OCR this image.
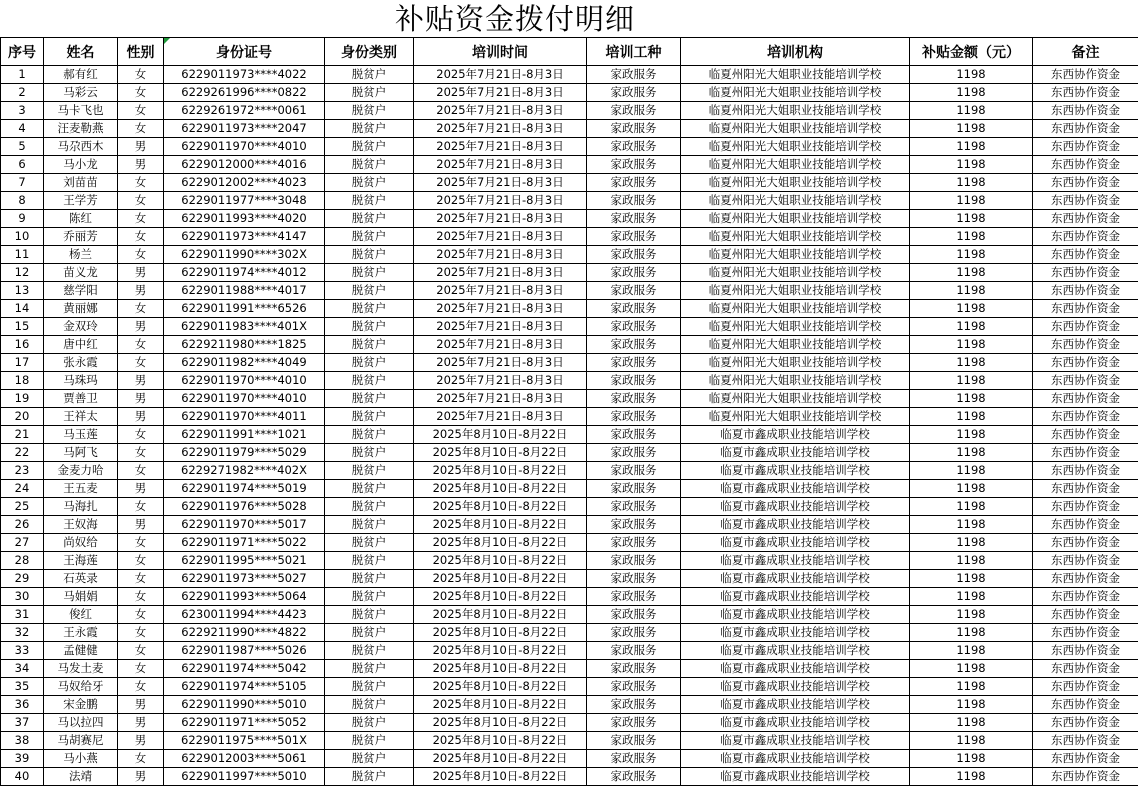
补贴资金拨付明细
序号	姓名	性别	身份证号	身份类别	培训时间	培训工种	培训机构	补贴金额（元）	备注
1	郝有红	女	6229011973****4022	脱贫户	2025年7月21日-8月3日	家政服务	临夏州阳光大姐职业技能培训学校	1198	东西协作资金
2	马彩云	女	6229261996****0822	脱贫户	2025年7月21日-8月3日	家政服务	临夏州阳光大姐职业技能培训学校	1198	东西协作资金
3	马卡飞也	女	6229261972****0061	脱贫户	2025年7月21日-8月3日	家政服务	临夏州阳光大姐职业技能培训学校	1198	东西协作资金
4	汪麦勒燕	女	6229011973****2047	脱贫户	2025年7月21日-8月3日	家政服务	临夏州阳光大姐职业技能培训学校	1198	东西协作资金
5	马尕西木	男	6229011970****4010	脱贫户	2025年7月21日-8月3日	家政服务	临夏州阳光大姐职业技能培训学校	1198	东西协作资金
6	马小龙	男	6229012000****4016	脱贫户	2025年7月21日-8月3日	家政服务	临夏州阳光大姐职业技能培训学校	1198	东西协作资金
7	刘苗苗	女	6229012002****4023	脱贫户	2025年7月21日-8月3日	家政服务	临夏州阳光大姐职业技能培训学校	1198	东西协作资金
8	王学芳	女	6229011977****3048	脱贫户	2025年7月21日-8月3日	家政服务	临夏州阳光大姐职业技能培训学校	1198	东西协作资金
9	陈红	女	6229011993****4020	脱贫户	2025年7月21日-8月3日	家政服务	临夏州阳光大姐职业技能培训学校	1198	东西协作资金
10	乔丽芳	女	6229011973****4147	脱贫户	2025年7月21日-8月3日	家政服务	临夏州阳光大姐职业技能培训学校	1198	东西协作资金
11	杨兰	女	6229011990****302X	脱贫户	2025年7月21日-8月3日	家政服务	临夏州阳光大姐职业技能培训学校	1198	东西协作资金
12	苗义龙	男	6229011974****4012	脱贫户	2025年7月21日-8月3日	家政服务	临夏州阳光大姐职业技能培训学校	1198	东西协作资金
13	慈学阳	男	6229011988****4017	脱贫户	2025年7月21日-8月3日	家政服务	临夏州阳光大姐职业技能培训学校	1198	东西协作资金
14	黄丽娜	女	6229011991****6526	脱贫户	2025年7月21日-8月3日	家政服务	临夏州阳光大姐职业技能培训学校	1198	东西协作资金
15	金双玲	男	6229011983****401X	脱贫户	2025年7月21日-8月3日	家政服务	临夏州阳光大姐职业技能培训学校	1198	东西协作资金
16	唐中红	女	6229211980****1825	脱贫户	2025年7月21日-8月3日	家政服务	临夏州阳光大姐职业技能培训学校	1198	东西协作资金
17	张永霞	女	6229011982****4049	脱贫户	2025年7月21日-8月3日	家政服务	临夏州阳光大姐职业技能培训学校	1198	东西协作资金
18	马珠玛	男	6229011970****4010	脱贫户	2025年7月21日-8月3日	家政服务	临夏州阳光大姐职业技能培训学校	1198	东西协作资金
19	贾善卫	男	6229011970****4010	脱贫户	2025年7月21日-8月3日	家政服务	临夏州阳光大姐职业技能培训学校	1198	东西协作资金
20	王祥太	男	6229011970****4011	脱贫户	2025年7月21日-8月3日	家政服务	临夏州阳光大姐职业技能培训学校	1198	东西协作资金
21	马玉莲	女	6229011991****1021	脱贫户	2025年8月10日-8月22日	家政服务	临夏市鑫成职业技能培训学校	1198	东西协作资金
22	马阿飞	女	6229011979****5029	脱贫户	2025年8月10日-8月22日	家政服务	临夏市鑫成职业技能培训学校	1198	东西协作资金
23	金麦力哈	女	6229271982****402X	脱贫户	2025年8月10日-8月22日	家政服务	临夏市鑫成职业技能培训学校	1198	东西协作资金
24	王五麦	男	6229011974****5019	脱贫户	2025年8月10日-8月22日	家政服务	临夏市鑫成职业技能培训学校	1198	东西协作资金
25	马海扎	女	6229011976****5028	脱贫户	2025年8月10日-8月22日	家政服务	临夏市鑫成职业技能培训学校	1198	东西协作资金
26	王奴海	男	6229011970****5017	脱贫户	2025年8月10日-8月22日	家政服务	临夏市鑫成职业技能培训学校	1198	东西协作资金
27	尚奴给	女	6229011971****5022	脱贫户	2025年8月10日-8月22日	家政服务	临夏市鑫成职业技能培训学校	1198	东西协作资金
28	王海莲	女	6229011995****5021	脱贫户	2025年8月10日-8月22日	家政服务	临夏市鑫成职业技能培训学校	1198	东西协作资金
29	石英录	女	6229011973****5027	脱贫户	2025年8月10日-8月22日	家政服务	临夏市鑫成职业技能培训学校	1198	东西协作资金
30	马娟娟	女	6229011993****5064	脱贫户	2025年8月10日-8月22日	家政服务	临夏市鑫成职业技能培训学校	1198	东西协作资金
31	俊红	女	6230011994****4423	脱贫户	2025年8月10日-8月22日	家政服务	临夏市鑫成职业技能培训学校	1198	东西协作资金
32	王永霞	女	6229211990****4822	脱贫户	2025年8月10日-8月22日	家政服务	临夏市鑫成职业技能培训学校	1198	东西协作资金
33	孟健健	女	6229011987****5026	脱贫户	2025年8月10日-8月22日	家政服务	临夏市鑫成职业技能培训学校	1198	东西协作资金
34	马发土麦	女	6229011974****5042	脱贫户	2025年8月10日-8月22日	家政服务	临夏市鑫成职业技能培训学校	1198	东西协作资金
35	马奴给牙	女	6229011974****5105	脱贫户	2025年8月10日-8月22日	家政服务	临夏市鑫成职业技能培训学校	1198	东西协作资金
36	宋金鹏	男	6229011990****5010	脱贫户	2025年8月10日-8月22日	家政服务	临夏市鑫成职业技能培训学校	1198	东西协作资金
37	马以拉四	男	6229011971****5052	脱贫户	2025年8月10日-8月22日	家政服务	临夏市鑫成职业技能培训学校	1198	东西协作资金
38	马胡赛尼	男	6229011975****501X	脱贫户	2025年8月10日-8月22日	家政服务	临夏市鑫成职业技能培训学校	1198	东西协作资金
39	马小燕	女	6229012003****5061	脱贫户	2025年8月10日-8月22日	家政服务	临夏市鑫成职业技能培训学校	1198	东西协作资金
40	法靖	男	6229011997****5010	脱贫户	2025年8月10日-8月22日	家政服务	临夏市鑫成职业技能培训学校	1198	东西协作资金
